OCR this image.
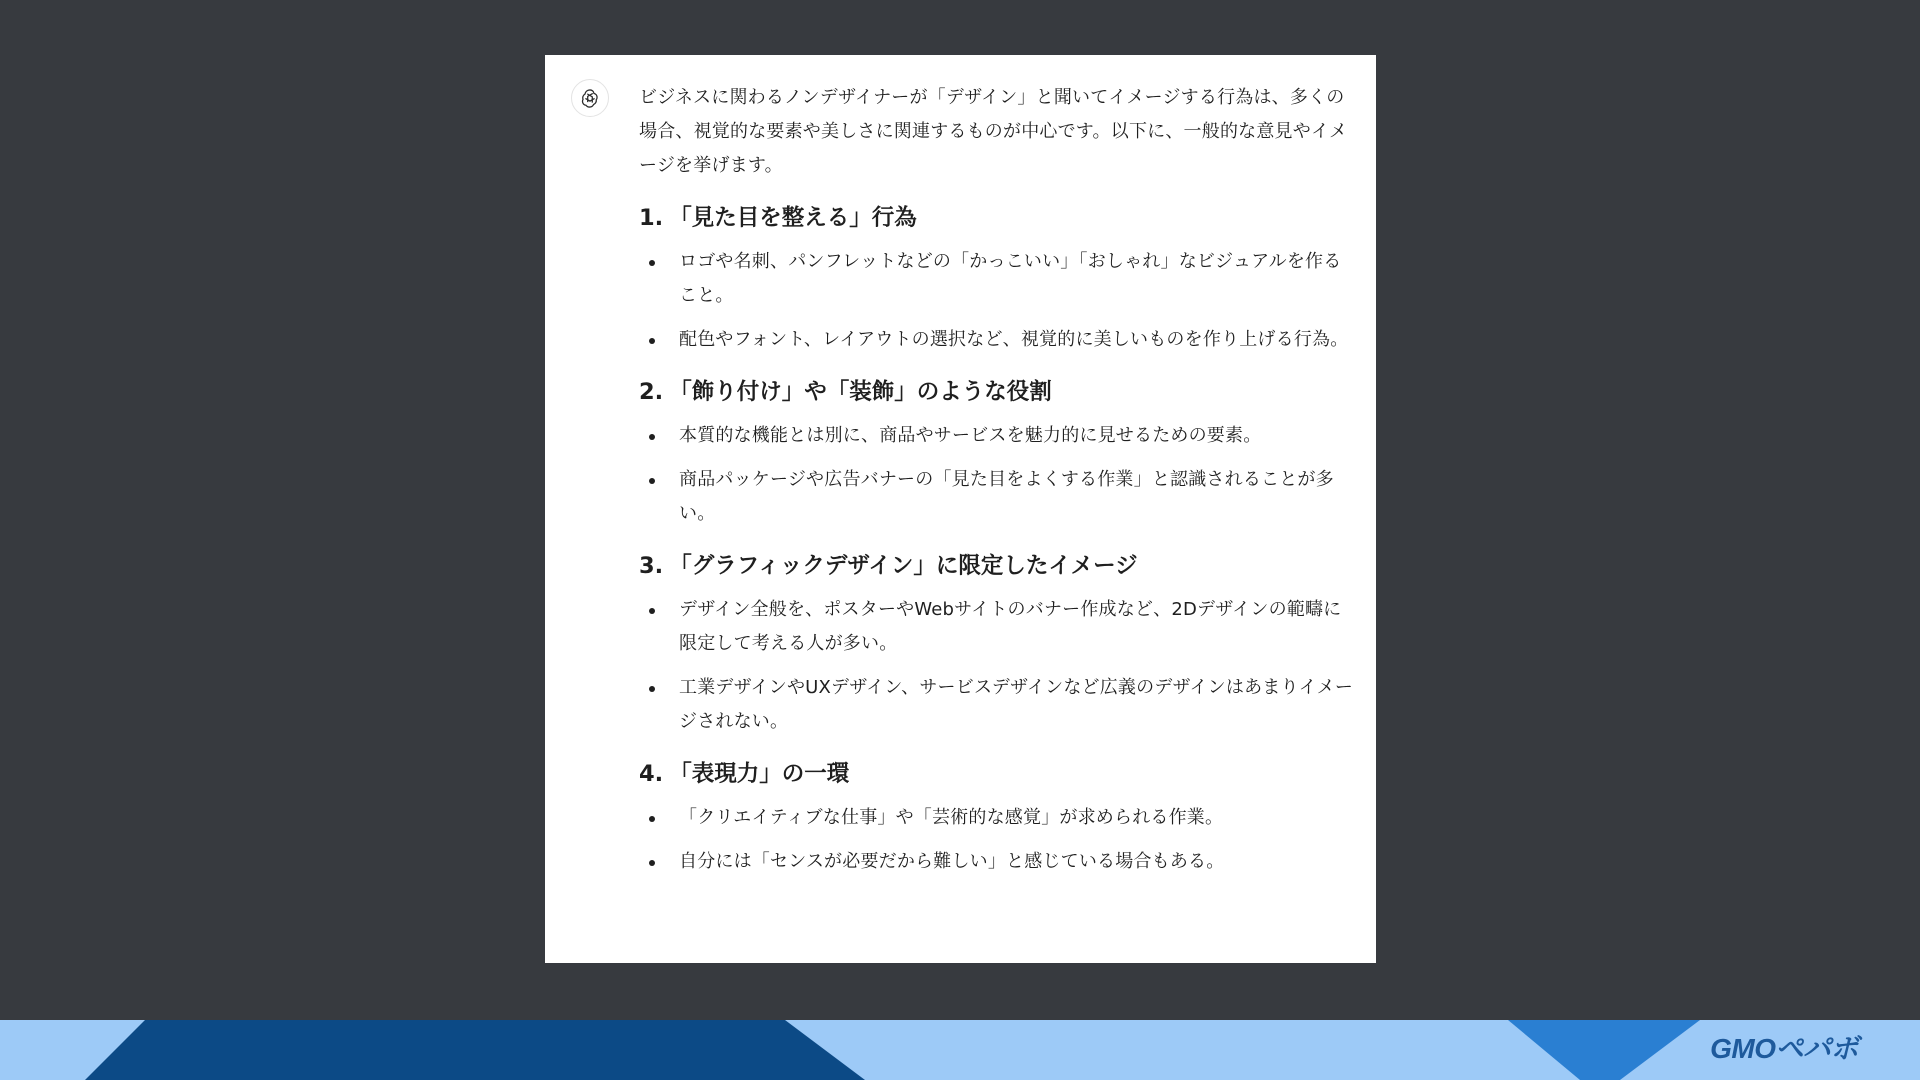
ビジネスに関わるノンデザイナーが「デザイン」と聞いてイメージする行為は、多くの場合、視覚的な要素や美しさに関連するものが中心です。以下に、一般的な意見やイメージを挙げます。

1. 「見た目を整える」行為
ロゴや名刺、パンフレットなどの「かっこいい」「おしゃれ」なビジュアルを作ること。
配色やフォント、レイアウトの選択など、視覚的に美しいものを作り上げる行為。
2. 「飾り付け」や「装飾」のような役割
本質的な機能とは別に、商品やサービスを魅力的に見せるための要素。
商品パッケージや広告バナーの「見た目をよくする作業」と認識されることが多い。
3. 「グラフィックデザイン」に限定したイメージ
デザイン全般を、ポスターやWebサイトのバナー作成など、2Dデザインの範疇に限定して考える人が多い。
工業デザインやUXデザイン、サービスデザインなど広義のデザインはあまりイメージされない。
4. 「表現力」の一環
「クリエイティブな仕事」や「芸術的な感覚」が求められる作業。
自分には「センスが必要だから難しい」と感じている場合もある。
GMOペパボ
